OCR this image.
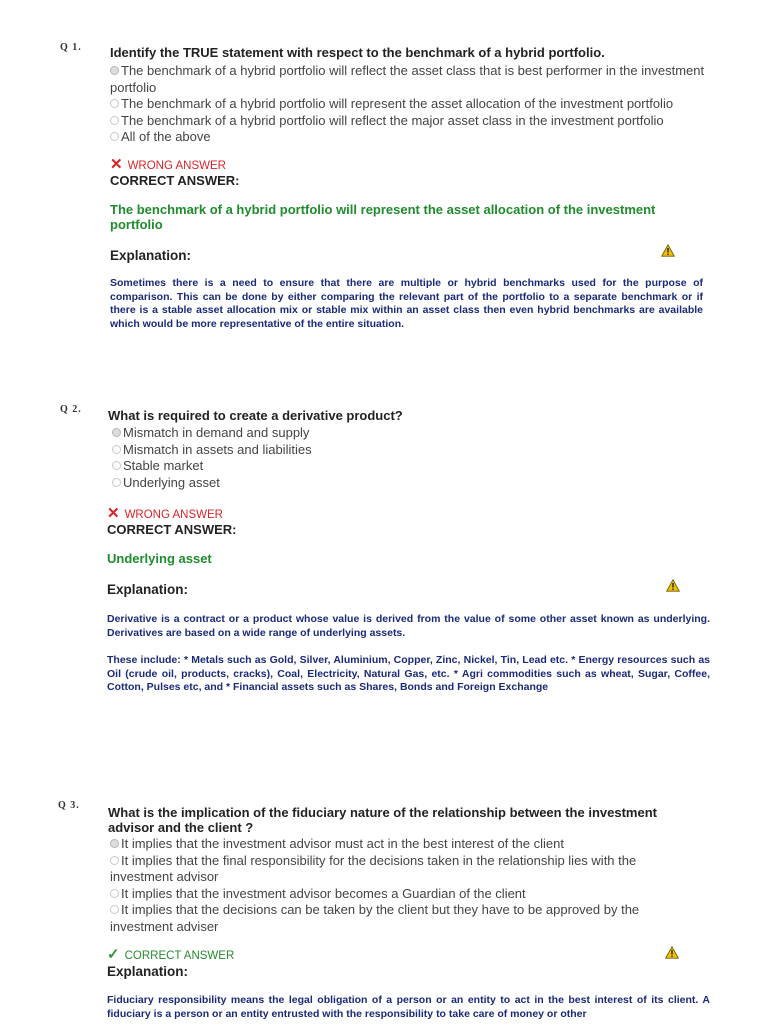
Q 1. Identify the TRUE statement with respect to the benchmark of a hybrid portfolio.
The benchmark of a hybrid portfolio will reflect the asset class that is best performer in the investment portfolio
The benchmark of a hybrid portfolio will represent the asset allocation of the investment portfolio
The benchmark of a hybrid portfolio will reflect the major asset class in the investment portfolio
All of the above
✕ WRONG ANSWER
CORRECT ANSWER:
The benchmark of a hybrid portfolio will represent the asset allocation of the investment portfolio
Explanation:
Sometimes there is a need to ensure that there are multiple or hybrid benchmarks used for the purpose of comparison. This can be done by either comparing the relevant part of the portfolio to a separate benchmark or if there is a stable asset allocation mix or stable mix within an asset class then even hybrid benchmarks are available which would be more representative of the entire situation.
Q 2. What is required to create a derivative product?
Mismatch in demand and supply
Mismatch in assets and liabilities
Stable market
Underlying asset
✕ WRONG ANSWER
CORRECT ANSWER:
Underlying asset
Explanation:
Derivative is a contract or a product whose value is derived from the value of some other asset known as underlying. Derivatives are based on a wide range of underlying assets.
These include: * Metals such as Gold, Silver, Aluminium, Copper, Zinc, Nickel, Tin, Lead etc. * Energy resources such as Oil (crude oil, products, cracks), Coal, Electricity, Natural Gas, etc. * Agri commodities such as wheat, Sugar, Coffee, Cotton, Pulses etc, and * Financial assets such as Shares, Bonds and Foreign Exchange
Q 3. What is the implication of the fiduciary nature of the relationship between the investment advisor and the client ?
It implies that the investment advisor must act in the best interest of the client
It implies that the final responsibility for the decisions taken in the relationship lies with the investment advisor
It implies that the investment advisor becomes a Guardian of the client
It implies that the decisions can be taken by the client but they have to be approved by the investment adviser
✓ CORRECT ANSWER
Explanation:
Fiduciary responsibility means the legal obligation of a person or an entity to act in the best interest of its client. A fiduciary is a person or an entity entrusted with the responsibility to take care of money or other
